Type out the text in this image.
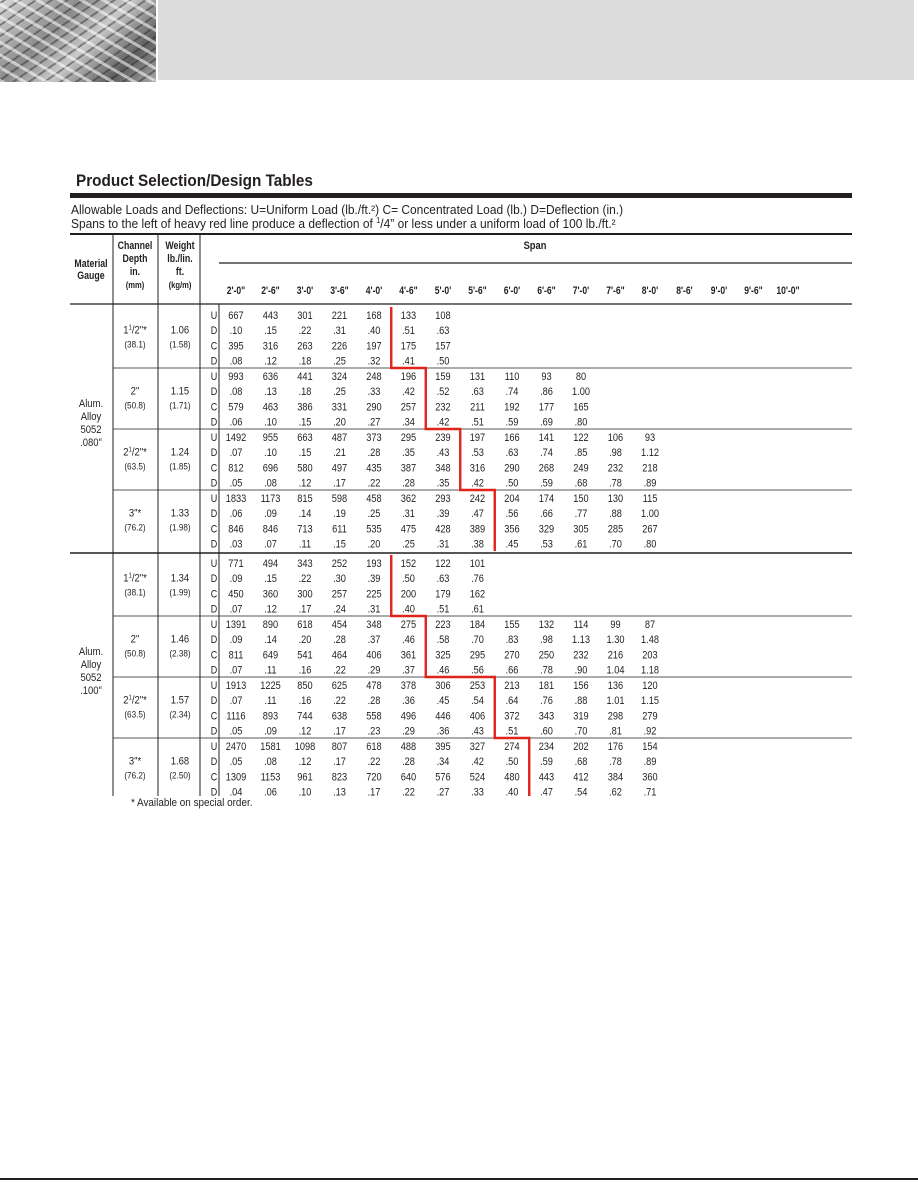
Product Selection/Design Tables
Allowable Loads and Deflections: U=Uniform Load (lb./ft.²) C= Concentrated Load (lb.) D=Deflection (in.)
Spans to the left of heavy red line produce a deflection of $^1$/4” or less under a uniform load of 100 lb./ft.²
Material
Gauge
Channel
Depth
in.
(mm)
Weight
lb./lin.
ft.
(kg/m)
Span
2'-0" 2'-6" 3'-0' 3'-6" 4'-0' 4'-6" 5'-0' 5'-6" 6'-0' 6'-6" 7'-0' 7'-6" 8'-0' 8'-6' 9'-0' 9'-6" 10'-0"
U
D
C
D
667 443 301 221 168 133 108
.10 .15 .22 .31 .40 .51 .63
395 316 263 226 197 175 157
.08 .12 .18 .25 .32 .41 .50
$1^1/2"*$
(38.1)
1.06
(1.58)
U
D
C
D
993 636 441 324 248 196 159 131 110 93 80
.08 .13 .18 .25 .33 .42 .52 .63 .74 .86 1.00
579 463 386 331 290 257 232 211 192 177 165
.06 .10 .15 .20 .27 .34 .42 .51 .59 .69 .80
2"
(50.8)
1.15
(1.71)
U
D
C
D
1492 955 663 487 373 295 239 197 166 141 122 106 93
.07 .10 .15 .21 .28 .35 .43 .53 .63 .74 .85 .98 1.12
812 696 580 497 435 387 348 316 290 268 249 232 218
.05 .08 .12 .17 .22 .28 .35 .42 .50 .59 .68 .78 .89
$2^1/2"*$
(63.5)
1.24
(1.85)
U
D
C
D
1833 1173 815 598 458 362 293 242 204 174 150 130 115
.06 .09 .14 .19 .25 .31 .39 .47 .56 .66 .77 .88 1.00
846 846 713 611 535 475 428 389 356 329 305 285 267
.03 .07 .11 .15 .20 .25 .31 .38 .45 .53 .61 .70 .80
3"*
(76.2)
1.33
(1.98)
Alum.
Alloy
5052
.080"
U
D
C
D
771 494 343 252 193 152 122 101
.09 .15 .22 .30 .39 .50 .63 .76
450 360 300 257 225 200 179 162
.07 .12 .17 .24 .31 .40 .51 .61
$1^1/2"*$
(38.1)
1.34
(1.99)
U
D
C
D
1391 890 618 454 348 275 223 184 155 132 114 99 87
.09 .14 .20 .28 .37 .46 .58 .70 .83 .98 1.13 1.30 1.48
811 649 541 464 406 361 325 295 270 250 232 216 203
.07 .11 .16 .22 .29 .37 .46 .56 .66 .78 .90 1.04 1.18
2"
(50.8)
1.46
(2.38)
U
D
C
D
1913 1225 850 625 478 378 306 253 213 181 156 136 120
.07 .11 .16 .22 .28 .36 .45 .54 .64 .76 .88 1.01 1.15
1116 893 744 638 558 496 446 406 372 343 319 298 279
.05 .09 .12 .17 .23 .29 .36 .43 .51 .60 .70 .81 .92
$2^1/2"*$
(63.5)
1.57
(2.34)
U
D
C
D
2470 1581 1098 807 618 488 395 327 274 234 202 176 154
.05 .08 .12 .17 .22 .28 .34 .42 .50 .59 .68 .78 .89
1309 1153 961 823 720 640 576 524 480 443 412 384 360
.04 .06 .10 .13 .17 .22 .27 .33 .40 .47 .54 .62 .71
3"*
(76.2)
1.68
(2.50)
Alum.
Alloy
5052
.100"
* Available on special order.
